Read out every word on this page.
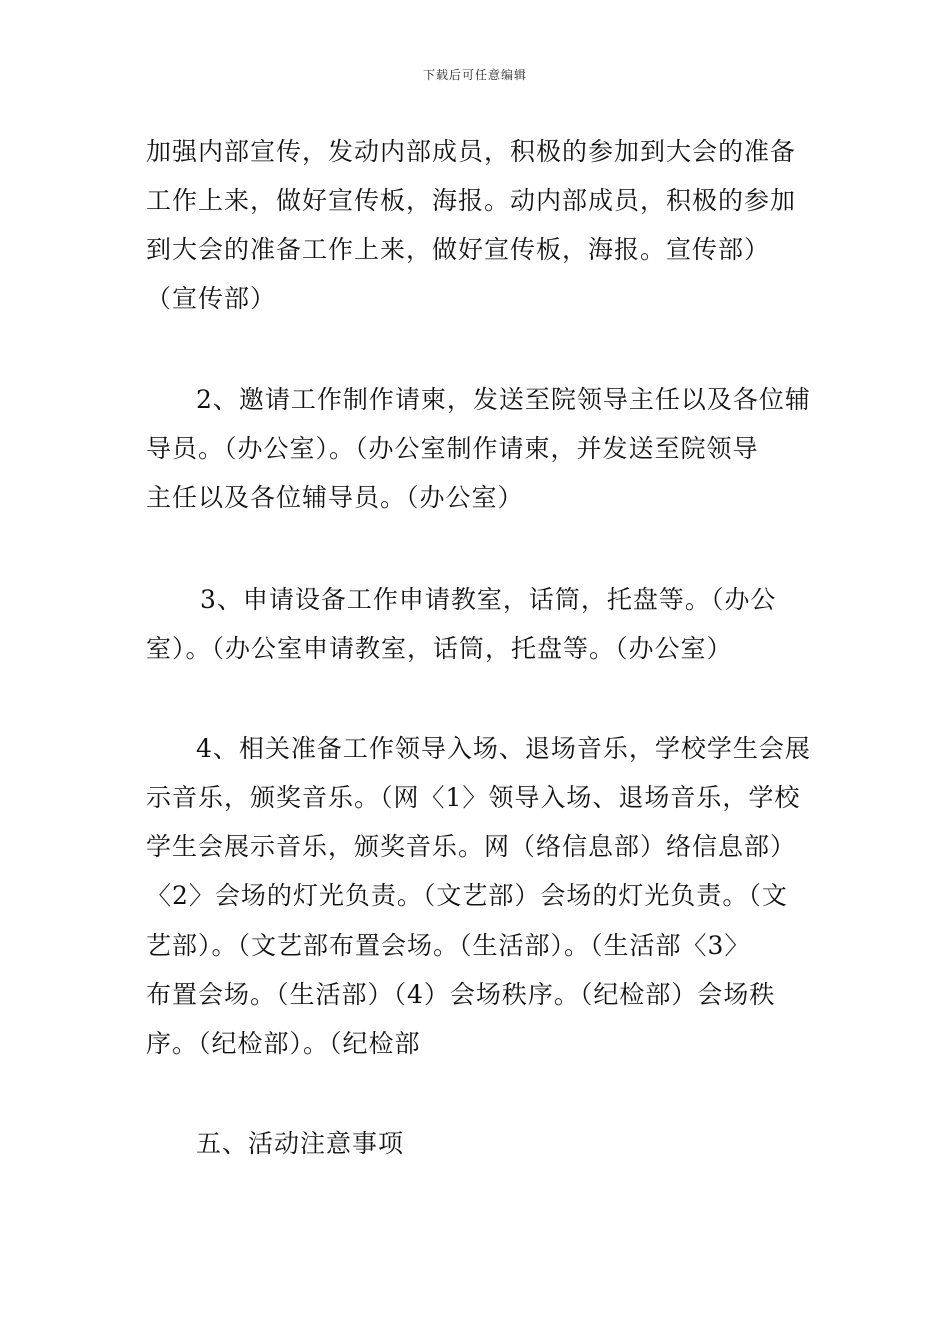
下载后可任意编辑
加强内部宣传，发动内部成员，积极的参加到大会的准备
工作上来，做好宣传板，海报。动内部成员，积极的参加
到大会的准备工作上来，做好宣传板，海报。宣传部）
（宣传部）
2、邀请工作制作请柬，发送至院领导主任以及各位辅
导员。（办公室）。（办公室制作请柬，并发送至院领导
主任以及各位辅导员。（办公室）
3、申请设备工作申请教室，话筒，托盘等。（办公
室）。（办公室申请教室，话筒，托盘等。（办公室）
4、相关准备工作领导入场、退场音乐，学校学生会展
示音乐，颁奖音乐。（网〈1〉领导入场、退场音乐，学校
学生会展示音乐，颁奖音乐。网（络信息部）络信息部）
〈2〉会场的灯光负责。（文艺部）会场的灯光负责。（文
艺部）。（文艺部布置会场。（生活部）。（生活部〈3〉
布置会场。（生活部）（4）会场秩序。（纪检部）会场秩
序。（纪检部）。（纪检部
五、活动注意事项
